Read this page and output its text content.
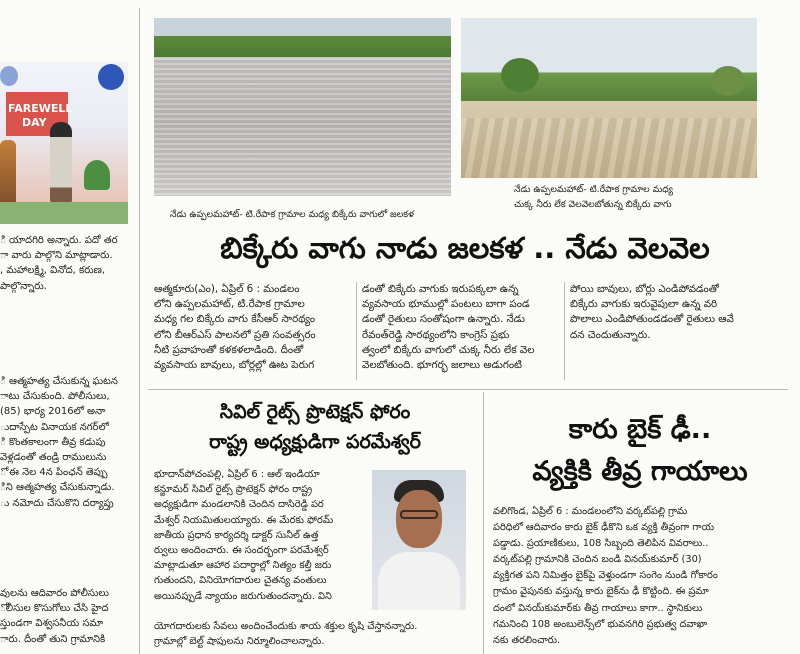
FAREWELL
DAY
ి యాదగిరి అన్నారు. పదో తర
ా వారు పాల్గొని మాట్లాడారు.
, మహాలక్ష్మి, వినోద, కరుణ,
పాల్గొన్నారు.
ి ఆత్మహత్య చేసుకున్న ఘటన
ాటు చేసుకుంది. పోలీసులు,
(85) భార్య 2016లో అనా
ుదాస్పేట వినాయక నగర్‌లో
ి కొంతకాలంగా తీవ్ర కడుపు
వెళ్లడంతో తండ్రి రాములును
ో ఈ నెల 4న పింఛన్ తెప్పు
ిని ఆత్మహత్య చేసుకున్నాడు.
ు నమోదు చేసుకొని దర్యాప్తు
వులను ఆదివారం పోలీసులు
ోలీసుల కొసుగోలు చేసి హైద
స్తుండగా విశ్వసనీయ సమా
ారు. దీంతో తుని గ్రామానికి
నేడు ఉప్పలమహాట్‌- టి.రేపాక గ్రామాల మధ్య బిక్కేరు వాగులో జలకళ
నేడు ఉప్పలమహాట్‌- టి.రేపాక గ్రామాల మధ్య
చుక్క నీరు లేక వెలవెలబోతున్న బిక్కేరు వాగు
బిక్కేరు వాగు నాడు జలకళ .. నేడు వెలవెల
ఆత్మకూరు(ఎం), ఏప్రిల్ 6 : మండలం
లోని ఉప్పలమహాట్‌, టి.రేపాక గ్రామాల
మధ్య గల బిక్కేరు వాగు కేసీఆర్ సారథ్యం
లోని బీఆర్ఎస్ పాలనలో ప్రతి సంవత్సరం
నీటి ప్రవాహంతో కళకళలాడింది. దీంతో
వ్యవసాయ బావులు, బోర్లల్లో ఊట పెరుగ
డంతో బిక్కేరు వాగుకు ఇరుపక్కలా ఉన్న
వ్యవసాయ భూముల్లో పంటలు బాగా పండ
డంతో రైతులు సంతోషంగా ఉన్నారు. నేడు
రేవంత్‌రెడ్డి సారథ్యంలోని కాంగ్రెస్ ప్రభు
త్వంలో బిక్కేరు వాగులో చుక్క నీరు లేక వెల
వెలబోతుంది. భూగర్భ జలాలు అడుగంటి
పోయి బావులు, బోర్లు ఎండిపోవడంతో
బిక్కేరు వాగుకు ఇరువైపులా ఉన్న వరి
పొలాలు ఎండిపోతుండడంతో రైతులు ఆవే
దన చెందుతున్నారు.
సివిల్ రైట్స్ ప్రొటెక్షన్ ఫోరం
రాష్ట్ర అధ్యక్షుడిగా పరమేశ్వర్
భూదాన్‌పోచంపల్లి, ఏప్రిల్ 6 : ఆల్ ఇండియా
కన్జూమర్ సివిల్ రైట్స్ ప్రొటెక్షన్ ఫోరం రాష్ట్ర
అధ్యక్షుడిగా మండలానికి చెందిన దాసిరెడ్డి పర
మేశ్వర్ నియమితులయ్యారు. ఈ మేరకు ఫోరమ్
జాతీయ ప్రధాన కార్యదర్శి డాక్టర్ సునీల్ ఉత్త
ర్వులు అందించారు. ఈ సందర్భంగా పరమేశ్వర్
మాట్లాడుతూ ఆహార పదార్థాల్లో నిత్యం కల్తీ జరు
గుతుందని, వినియోగదారుల చైతన్య వంతులు
అయినప్పుడే న్యాయం జరుగుతుందన్నారు. విని
యోగదారులకు సేవలు అందించేందుకు శాయ శక్తుల కృషి చేస్తానన్నారు.
గ్రామాల్లో బెల్ట్ షాపులను నిర్మూలించాలన్నారు.
కారు బైక్ ఢీ..
వ్యక్తికి తీవ్ర గాయాలు
వలిగొండ, ఏప్రిల్ 6 : మండలంలోని వర్కట్‌పల్లి గ్రామ
పరిధిలో ఆదివారం కారు బైక్ ఢీకొని ఒక వ్యక్తి తీవ్రంగా గాయ
పడ్డాడు. ప్రయాణికులు, 108 సిబ్బంది తెలిపిన వివరాలు..
వర్కట్‌పల్లి గ్రామానికి చెందిన బండి వినయ్‌కుమార్ (30)
వ్యక్తిగత పని నిమిత్తం బైక్‌పై వెళ్తుండగా సంగెం నుండి గోకారం
గ్రామం వైపునకు వస్తున్న కారు బైక్‌ను ఢీ కొట్టింది. ఈ ప్రమా
దంలో వినయ్‌కుమార్‌కు తీవ్ర గాయాలు కాగా.. స్థానికులు
గమనించి 108 అంబులెన్స్‌లో భువనగిరి ప్రభుత్వ దవాఖా
నకు తరలించారు.
